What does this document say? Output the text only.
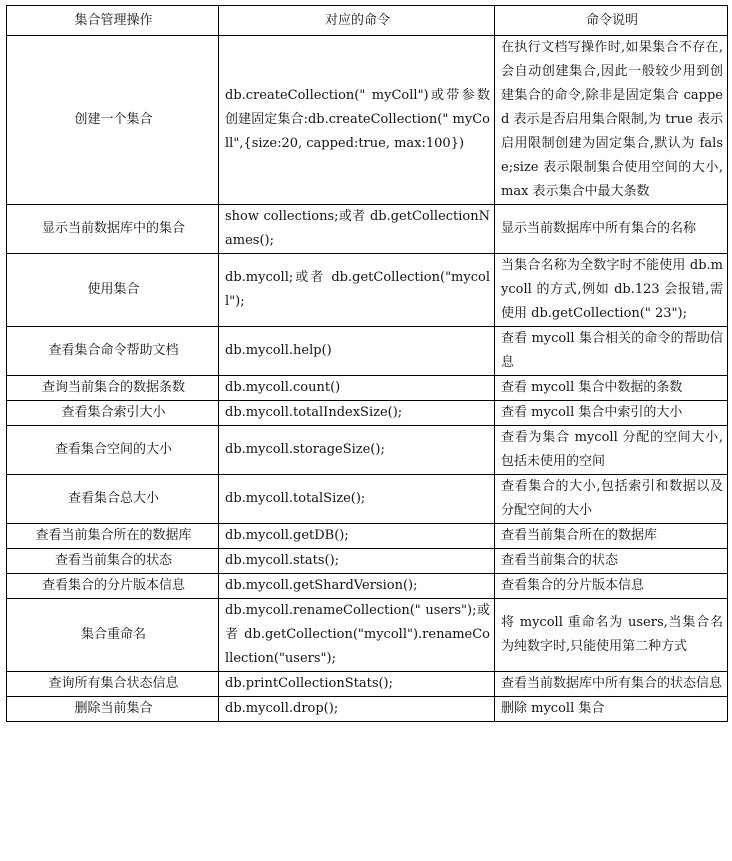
集合管理操作	对应的命令	命令说明
创建一个集合	db.createCollection(" myColl")或带参数创建固定集合:db.createCollection(" myColl",{size:20, capped:true, max:100})	在执行文档写操作时,如果集合不存在,会自动创建集合,因此一般较少用到创建集合的命令,除非是固定集合 capped 表示是否启用集合限制,为 true 表示启用限制创建为固定集合,默认为 false;size 表示限制集合使用空间的大小,max 表示集合中最大条数
显示当前数据库中的集合	show collections;或者 db.getCollectionNames();	显示当前数据库中所有集合的名称
使用集合	db.mycoll;或者 db.getCollection("mycoll");	当集合名称为全数字时不能使用 db.mycoll 的方式,例如 db.123 会报错,需使用 db.getCollection(" 23");
查看集合命令帮助文档	db.mycoll.help()	查看 mycoll 集合相关的命令的帮助信息
查询当前集合的数据条数	db.mycoll.count()	查看 mycoll 集合中数据的条数
查看集合索引大小	db.mycoll.totalIndexSize();	查看 mycoll 集合中索引的大小
查看集合空间的大小	db.mycoll.storageSize();	查看为集合 mycoll 分配的空间大小,包括未使用的空间
查看集合总大小	db.mycoll.totalSize();	查看集合的大小,包括索引和数据以及分配空间的大小
查看当前集合所在的数据库	db.mycoll.getDB();	查看当前集合所在的数据库
查看当前集合的状态	db.mycoll.stats();	查看当前集合的状态
查看集合的分片版本信息	db.mycoll.getShardVersion();	查看集合的分片版本信息
集合重命名	db.mycoll.renameCollection(" users");或者 db.getCollection("mycoll").renameCollection("users");	将 mycoll 重命名为 users,当集合名为纯数字时,只能使用第二种方式
查询所有集合状态信息	db.printCollectionStats();	查看当前数据库中所有集合的状态信息
删除当前集合	db.mycoll.drop();	删除 mycoll 集合
